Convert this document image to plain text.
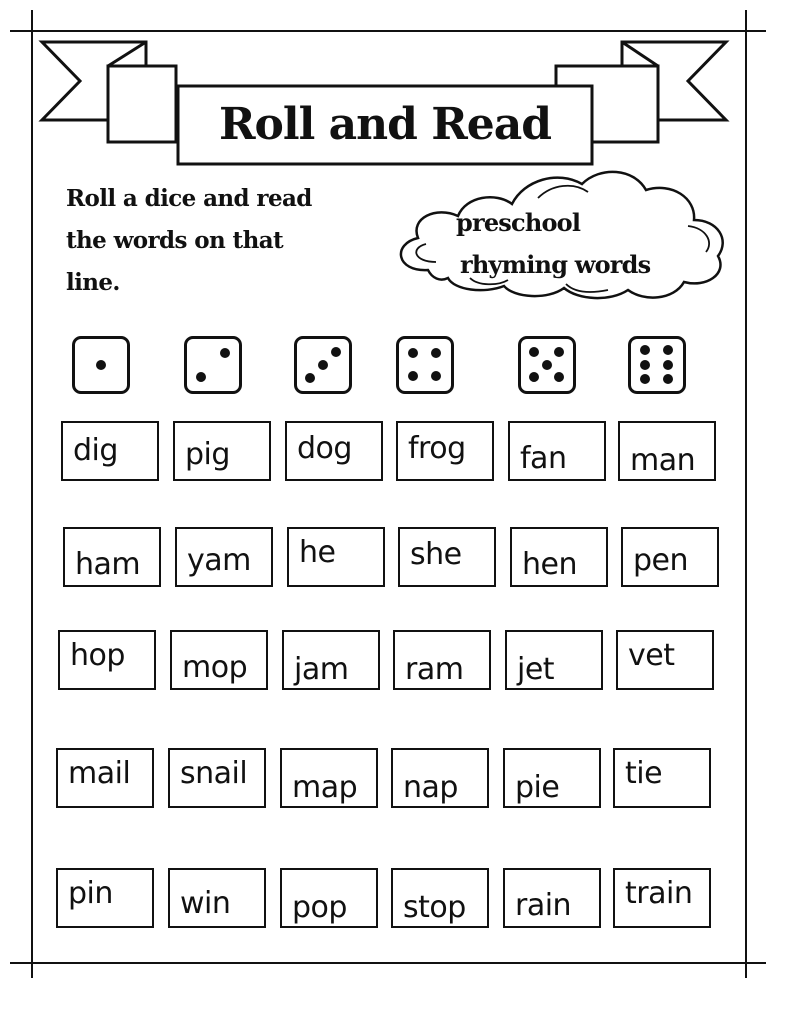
Roll and Read
Roll a dice and read
the words on that
line.
preschool
rhyming words
dig	pig	dog	frog	fan	man
ham	yam	he	she	hen	pen
hop	mop	jam	ram	jet	vet
mail	snail	map	nap	pie	tie
pin	win	pop	stop	rain	train
